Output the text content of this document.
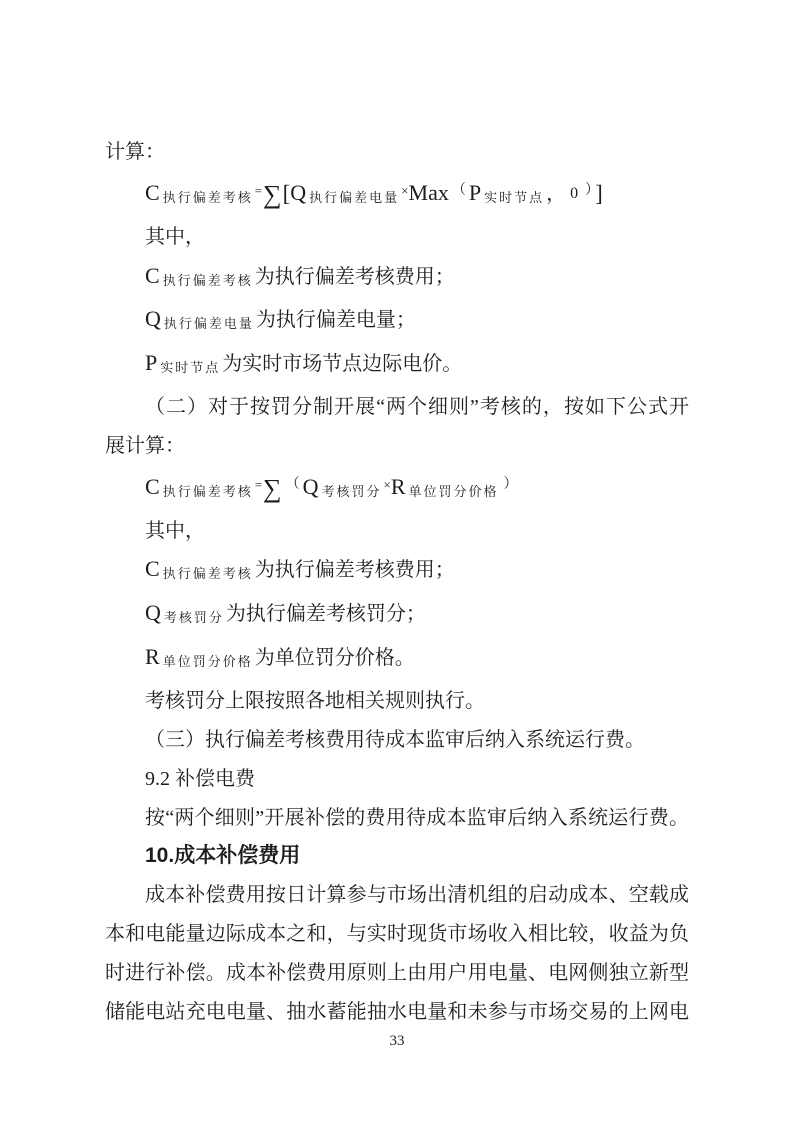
计算：

C执行偏差考核 =∑[Q 执行偏差电量 ×Max （ P 实时节点 ， 0 ） ]

其中，

C执行偏差考核 为执行偏差考核费用；

Q执行偏差电量 为执行偏差电量；

P实时节点 为实时市场节点边际电价。

（二）对于按罚分制开展“两个细则”考核的，按如下公式开

展计算：

C执行偏差考核 =∑ （ Q 考核罚分 ×R 单位罚分价格 ）

其中，

C执行偏差考核 为执行偏差考核费用；

Q考核罚分 为执行偏差考核罚分；

R单位罚分价格 为单位罚分价格。

考核罚分上限按照各地相关规则执行。

（三）执行偏差考核费用待成本监审后纳入系统运行费。

9.2 补偿电费

按“两个细则”开展补偿的费用待成本监审后纳入系统运行费。

10.成本补偿费用

成本补偿费用按日计算参与市场出清机组的启动成本、空载成

本和电能量边际成本之和，与实时现货市场收入相比较，收益为负

时进行补偿。成本补偿费用原则上由用户用电量、电网侧独立新型

储能电站充电电量、抽水蓄能抽水电量和未参与市场交易的上网电

33
